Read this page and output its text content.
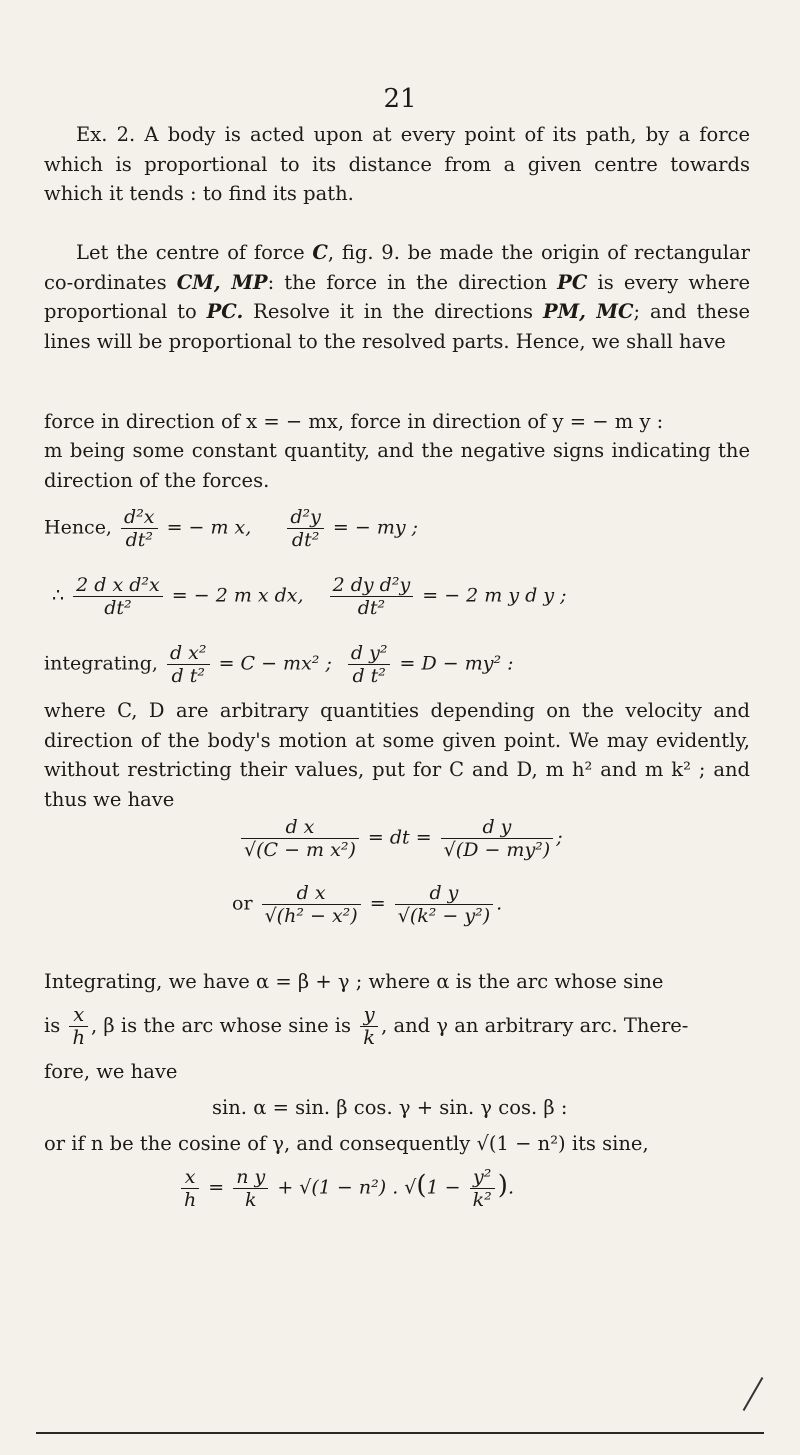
21
Ex. 2. A body is acted upon at every point of its path, by a force which is proportional to its distance from a given centre towards which it tends : to find its path.
Let the centre of force C, fig. 9. be made the origin of rectangular co-ordinates CM, MP: the force in the direction PC is every where proportional to PC. Resolve it in the directions PM, MC; and these lines will be proportional to the resolved parts. Hence, we shall have
force in direction of x = − mx, force in direction of y = − m y :
m being some constant quantity, and the negative signs indicating the direction of the forces.
Hence, $\frac{\text{d²x}}{\text{dt²}}$ = − m x, $\frac{\text{d²y}}{\text{dt²}}$ = − my ;
∴ $\frac{\text{2 d x d²x}}{\text{dt²}}$ = − 2 m x dx, $\frac{\text{2 dy d²y}}{\text{dt²}}$ = − 2 m y d y ;
integrating, $\frac{\text{d x²}}{\text{d t²}} = C - mx^2$ ; $\frac{\text{d y²}}{\text{d t²}} = D - my^2$ :
where C, D are arbitrary quantities depending on the velocity and direction of the body's motion at some given point. We may evidently, without restricting their values, put for C and D, m h² and m k² ; and thus we have
$\frac{\text{d x}}{\text{√(C − m x²)}}$ = dt = $\frac{\text{d y}}{\text{√(D − my²)}}$ ;
or $\frac{\text{d x}}{\text{√(h² − x²)}} = \frac{\text{d y}}{\text{√(k² − y²)}}$ .
Integrating, we have α = β + γ ; where α is the arc whose sine
is $\frac{x}{h}$ , β is the arc whose sine is $\frac{y}{k}$ , and γ an arbitrary arc. There-
fore, we have
sin. α = sin. β cos. γ + sin. γ cos. β :
or if n be the cosine of γ, and consequently √(1 − n²) its sine,
$\frac{x}{h} = \frac{\text{n y}}{k} + √(1 - n^2)$ . $√(1 - \frac{\text{y²}}{\text{k²}}$ ).
